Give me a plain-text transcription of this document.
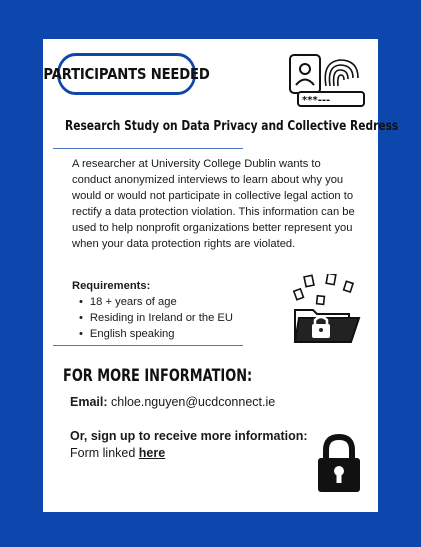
PARTICIPANTS NEEDED
***---
Research Study on Data Privacy and Collective Redress
A researcher at University College Dublin wants to conduct anonymized interviews to learn about why you would or would not participate in collective legal action to rectify a data protection violation. This information can be used to help nonprofit organizations better represent you when your data protection rights are violated.
Requirements:
• 18 + years of age
• Residing in Ireland or the EU
• English speaking
FOR MORE INFORMATION:
Email: chloe.nguyen@ucdconnect.ie
Or, sign up to receive more information:
Form linked here
